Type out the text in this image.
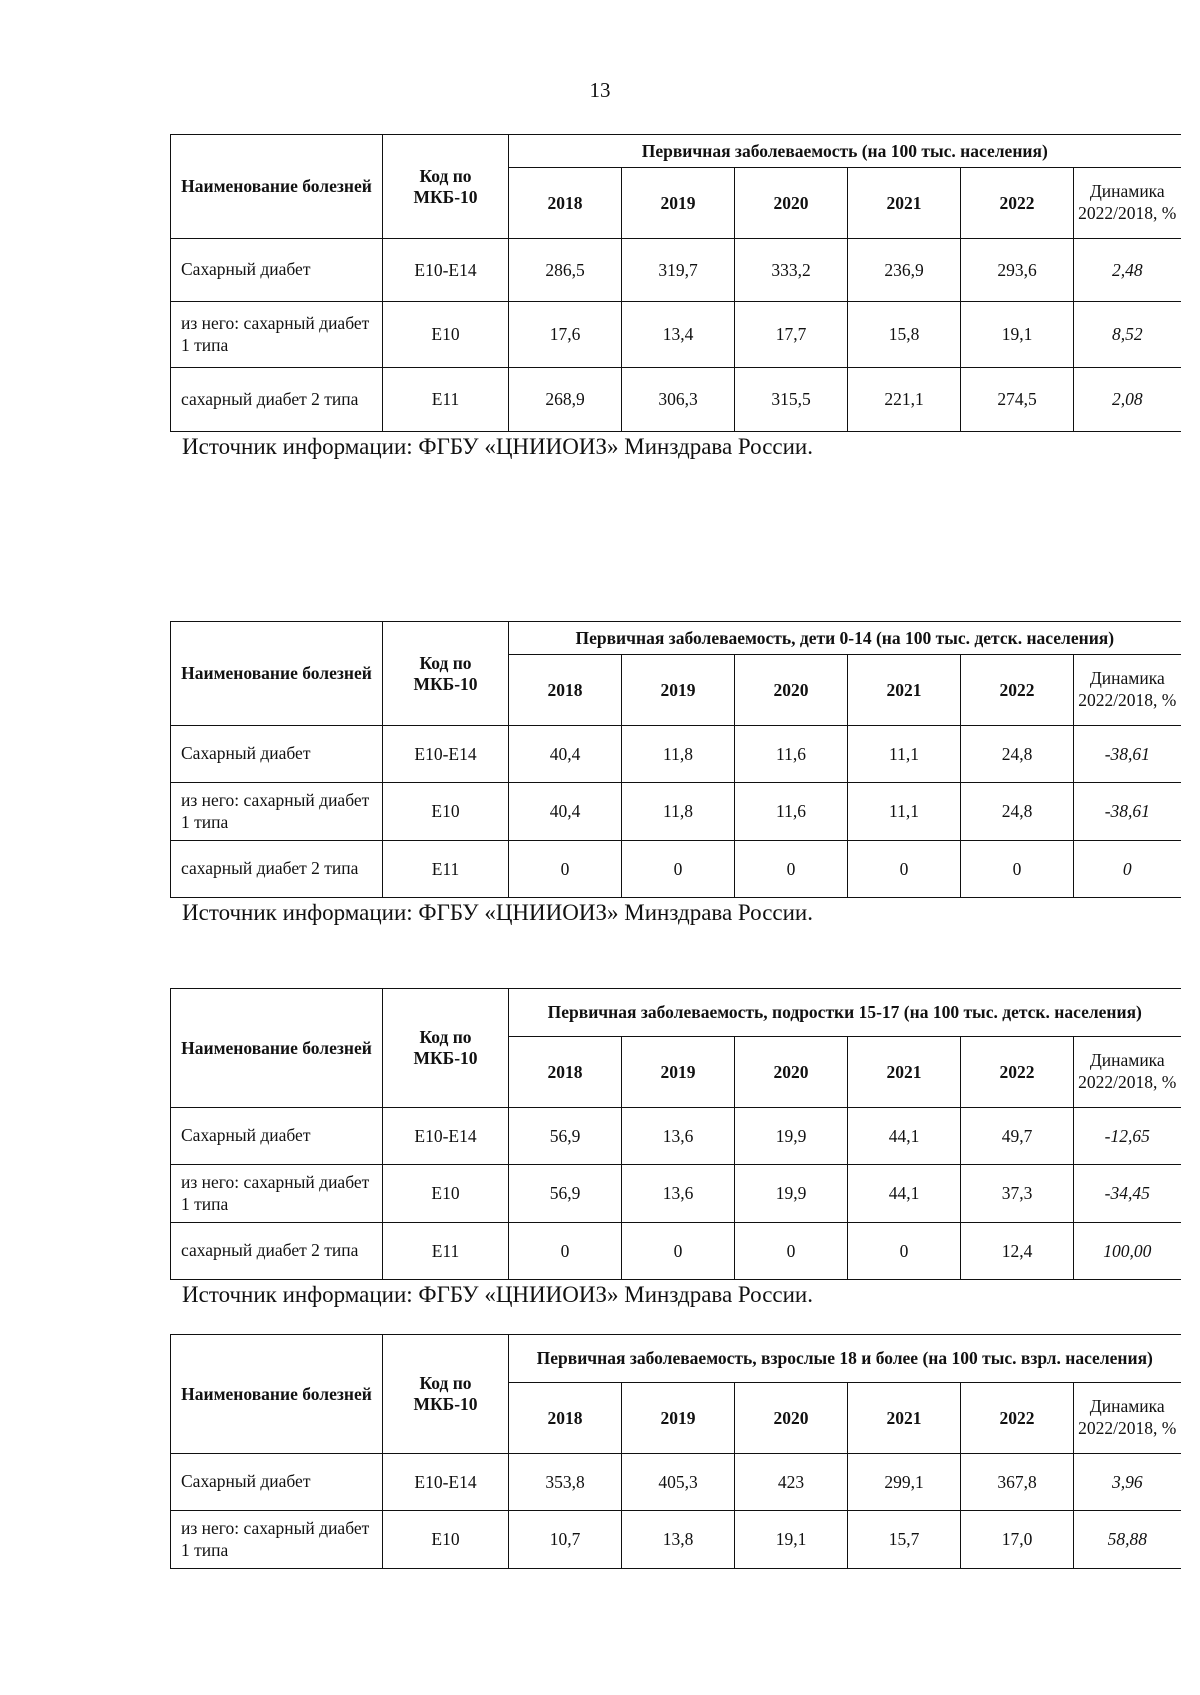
13
Наименование болезней	Код по МКБ-10	Первичная заболеваемость (на 100 тыс. населения)					
		2018	2019	2020	2021	2022	Динамика 2022/2018, %
Сахарный диабет	E10-E14	286,5	319,7	333,2	236,9	293,6	2,48
из него: сахарный диабет 1 типа	E10	17,6	13,4	17,7	15,8	19,1	8,52
сахарный диабет 2 типа	E11	268,9	306,3	315,5	221,1	274,5	2,08
Источник информации: ФГБУ «ЦНИИОИЗ» Минздрава России.
Наименование болезней	Код по МКБ-10	Первичная заболеваемость, дети 0-14 (на 100 тыс. детск. населения)					
		2018	2019	2020	2021	2022	Динамика 2022/2018, %
Сахарный диабет	E10-E14	40,4	11,8	11,6	11,1	24,8	-38,61
из него: сахарный диабет 1 типа	E10	40,4	11,8	11,6	11,1	24,8	-38,61
сахарный диабет 2 типа	E11	0	0	0	0	0	0
Источник информации: ФГБУ «ЦНИИОИЗ» Минздрава России.
Наименование болезней	Код по МКБ-10	Первичная заболеваемость, подростки 15-17 (на 100 тыс. детск. населения)					
		2018	2019	2020	2021	2022	Динамика 2022/2018, %
Сахарный диабет	E10-E14	56,9	13,6	19,9	44,1	49,7	-12,65
из него: сахарный диабет 1 типа	E10	56,9	13,6	19,9	44,1	37,3	-34,45
сахарный диабет 2 типа	E11	0	0	0	0	12,4	100,00
Источник информации: ФГБУ «ЦНИИОИЗ» Минздрава России.
Наименование болезней	Код по МКБ-10	Первичная заболеваемость, взрослые 18 и более (на 100 тыс. взрл. населения)					
		2018	2019	2020	2021	2022	Динамика 2022/2018, %
Сахарный диабет	E10-E14	353,8	405,3	423	299,1	367,8	3,96
из него: сахарный диабет 1 типа	E10	10,7	13,8	19,1	15,7	17,0	58,88
